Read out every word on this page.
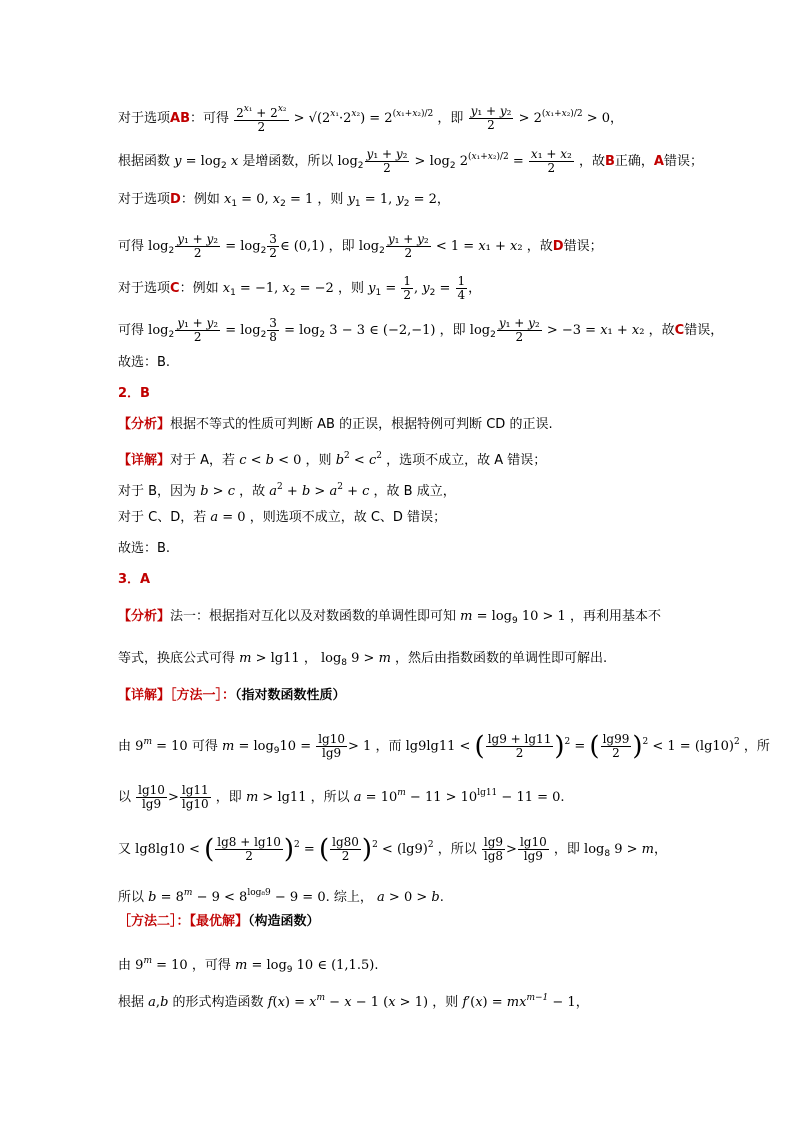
对于选项AB：可得 $\frac{2^{x_1} + 2^{x_2}}{2} > √(2^{x_1}\cdot 2^{x_2}) = 2^{(x_1+x_2)/2}$ ，即 $\frac{\text{y₁ + y₂}}{2} > 2^{(x_1+x_2)/2} > 0$，
根据函数 $y = \log_2 x$ 是增函数，所以 $\log_2 \frac{\text{y₁ + y₂}}{2} > \log_2 2^{(x_1+x_2)/2} = \frac{\text{x₁ + x₂}}{2}$ ，故B正确，A错误；
对于选项D：例如 $x_1 = 0$, $x_2 = 1$ ，则 $y_1 = 1$, $y_2 = 2$，
可得 $\log_2 \frac{\text{y₁ + y₂}}{2} = \log_2 \frac{3}{2}$ ∈ (0,1) ，即 $\log_2 \frac{\text{y₁ + y₂}}{2} < 1 = x_1 + x_2$ ，故D错误；
对于选项C：例如 $x_1 = -1$, $x_2 = -2$ ，则 $y_1 = \frac{1}{2}$ , $y_2 = \frac{1}{4}$ ，
可得 $\log_2 \frac{\text{y₁ + y₂}}{2} = \log_2 \frac{3}{8} = \log_2 3 - 3$ ∈ (−2,−1) ，即 $\log_2 \frac{\text{y₁ + y₂}}{2} > -3 = x_1 + x_2$ ，故C错误，
故选：B.
2．B
【分析】根据不等式的性质可判断 AB 的正误，根据特例可判断 CD 的正误.
【详解】对于 A，若 c < b < 0 ，则 $b^2 < c^2$ ，选项不成立，故 A 错误；
对于 B，因为 b > c ，故 $a^2 + b > a^2 + c$ ，故 B 成立，
对于 C、D，若 a = 0 ，则选项不成立，故 C、D 错误；
故选：B.
3．A
【分析】法一：根据指对互化以及对数函数的单调性即可知 $m = \log_9 10 > 1$ ，再利用基本不
等式，换底公式可得 m > lg11 ， $\log_8 9 > m$ ，然后由指数函数的单调性即可解出.
【详解】［方法一］：（指对数函数性质）
由 $9^m = 10$ 可得 $m = \log_910 = \frac{\lg 10}{\lg 9} > 1$ ，而 lg9lg11 < ( $\frac{\lg 9 + \lg 11}{2} )^2$ = ( $\frac{\lg 99}{2} )^2 < 1 = (\lg 10)^2$ ，所
以 $\frac{\lg 10}{\lg 9} > \frac{\lg 11}{\lg 10}$ ，即 m > lg11 ，所以 $a = 10^m - 11 > 10^{lg11} - 11 = 0$.
又 lg8lg10 < ( $\frac{\lg 8 + \lg 10}{2} )^2$ = ( $\frac{\lg 80}{2} )^2 < (\lg 9)^2$ ，所以 $\frac{\lg 9}{\lg 8} > \frac{\lg 10}{\lg 9}$ ，即 $\log_8 9 > m$，
所以 $b = 8^m - 9 < 8^{log_89} - 9 = 0$. 综上， a > 0 > b.
［方法二］：【最优解】（构造函数）
由 $9^m = 10$ ，可得 $m = \log_9 10$ ∈ (1,1.5).
根据 a,b 的形式构造函数 $f(x) = x^m - x - 1$ (x > 1) ，则 $f'(x) = mx^{m-1} - 1$，
